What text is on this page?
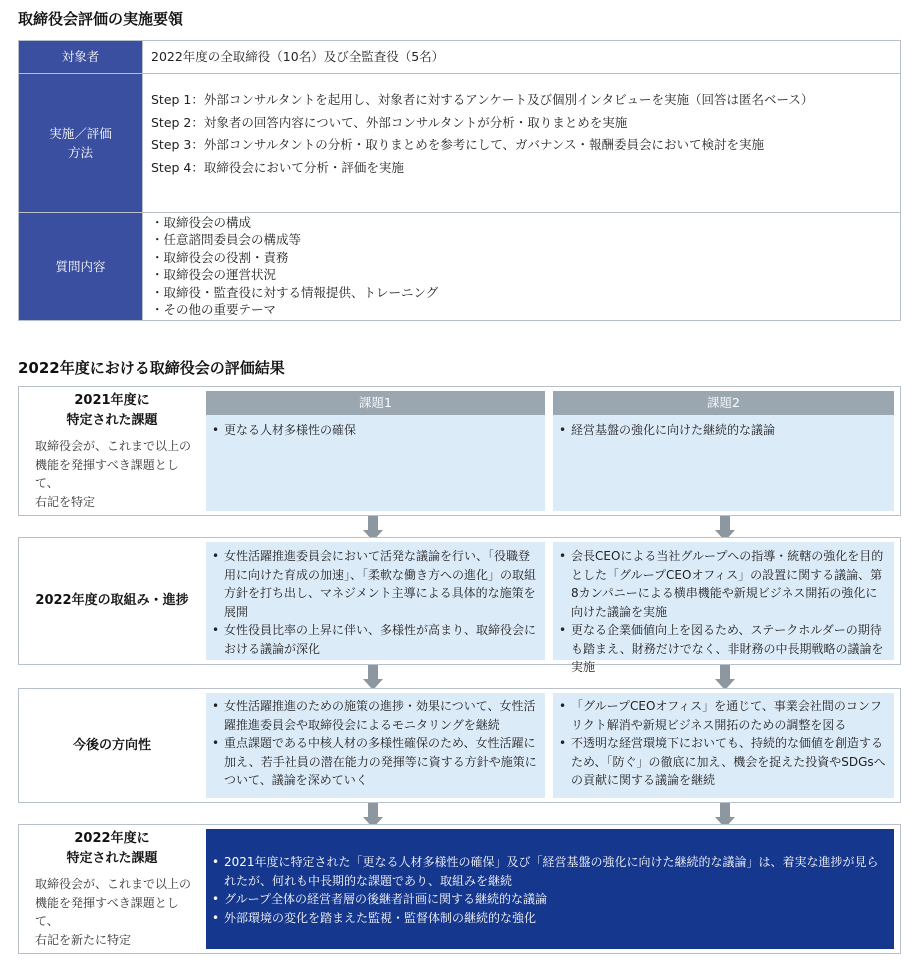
取締役会評価の実施要領
対象者	2022年度の全取締役（10名）及び全監査役（5名）
実施／評価
方法
Step 1：外部コンサルタントを起用し、対象者に対するアンケート及び個別インタビューを実施（回答は匿名ベース）
Step 2：対象者の回答内容について、外部コンサルタントが分析・取りまとめを実施
Step 3：外部コンサルタントの分析・取りまとめを参考にして、ガバナンス・報酬委員会において検討を実施
Step 4：取締役会において分析・評価を実施
質問内容
・取締役会の構成
・任意諮問委員会の構成等
・取締役会の役割・責務
・取締役会の運営状況
・取締役・監査役に対する情報提供、トレーニング
・その他の重要テーマ
2022年度における取締役会の評価結果
2021年度に
特定された課題
取締役会が、これまで以上の
機能を発揮すべき課題として、
右記を特定
課題1
• 更なる人材多様性の確保
課題2
• 経営基盤の強化に向けた継続的な議論
2022年度の取組み・進捗
• 女性活躍推進委員会において活発な議論を行い、「役職登用に向けた育成の加速」、「柔軟な働き方への進化」の取組方針を打ち出し、マネジメント主導による具体的な施策を展開
• 女性役員比率の上昇に伴い、多様性が高まり、取締役会における議論が深化
• 会長CEOによる当社グループへの指導・統轄の強化を目的とした「グループCEOオフィス」の設置に関する議論、第8カンパニーによる横串機能や新規ビジネス開拓の強化に向けた議論を実施
• 更なる企業価値向上を図るため、ステークホルダーの期待も踏まえ、財務だけでなく、非財務の中長期戦略の議論を実施
今後の方向性
• 女性活躍推進のための施策の進捗・効果について、女性活躍推進委員会や取締役会によるモニタリングを継続
• 重点課題である中核人材の多様性確保のため、女性活躍に加え、若手社員の潜在能力の発揮等に資する方針や施策について、議論を深めていく
• 「グループCEOオフィス」を通じて、事業会社間のコンフリクト解消や新規ビジネス開拓のための調整を図る
• 不透明な経営環境下においても、持続的な価値を創造するため、「防ぐ」の徹底に加え、機会を捉えた投資やSDGsへの貢献に関する議論を継続
2022年度に
特定された課題
取締役会が、これまで以上の
機能を発揮すべき課題として、
右記を新たに特定
• 2021年度に特定された「更なる人材多様性の確保」及び「経営基盤の強化に向けた継続的な議論」は、着実な進捗が見られたが、何れも中長期的な課題であり、取組みを継続
• グループ全体の経営者層の後継者計画に関する継続的な議論
• 外部環境の変化を踏まえた監視・監督体制の継続的な強化
